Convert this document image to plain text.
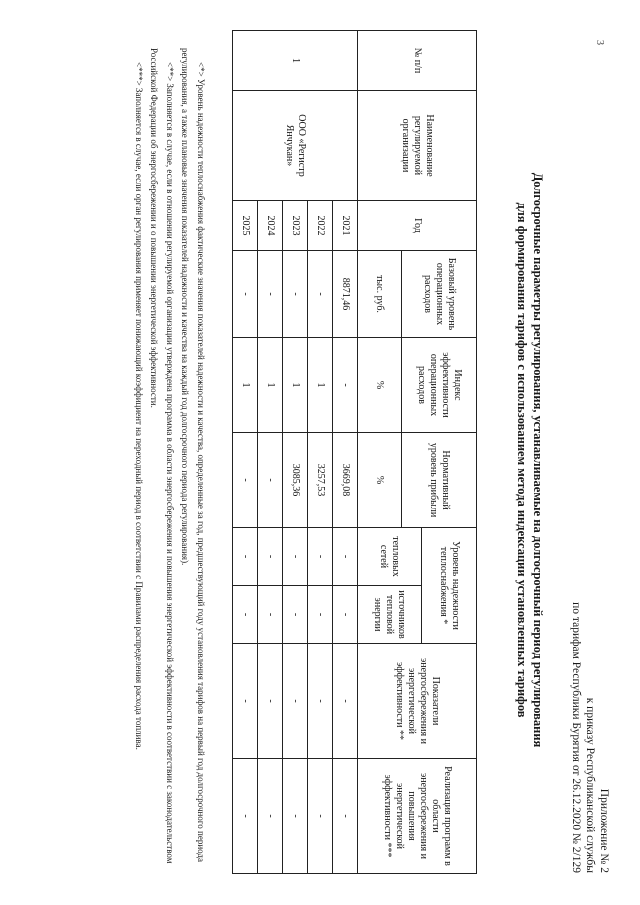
3
Приложение № 2
к приказу Республиканской службы
по тарифам Республики Бурятия от 26.12.2020 № 2/129
Долгосрочные параметры регулирования, устанавливаемые на долгосрочный период регулирования
для формирования тарифов с использованием метода индексации установленных тарифов
№ п/п	Наименование регулируемой организации	Год	Базовый уровень операционных расходов	Индекс эффективности операционных расходов	Нормативный уровень прибыли	Уровень надежности теплоснабжения *		Показатели энергосбережения и энергетической эффективности **	Реализация программ в области энергосбережения и повышения энергетической эффективности ***
						тепловых сетей	источников тепловой энергии		
			тыс. руб.	%	%				
1	ООО «Регистр Янчукан»	2021	8871,46	-	3669,08	-	-	-	-
		2022	-	1	3257,53	-	-	-	-
		2023	-	1	3085,36	-	-	-	-
		2024	-	1	-	-	-	-	-
		2025	-	1	-	-	-	-	-

<*> Уровень надежности теплоснабжения фактические значения показателей надежности и качества, определенные за год, предшествующий году установления тарифов на первый год долгосрочного периода регулирования, а также плановые значения показателей надежности и качества на каждый год долгосрочного периода регулирования).

<**> Заполняется в случае, если в отношении регулируемой организации утверждена программа в области энергосбережения и повышения энергетической эффективности в соответствии с законодательством Российской Федерации об энергосбережении и о повышении энергетической эффективности.

<***> Заполняется в случае, если орган регулирования применяет понижающий коэффициент на переходный период в соответствии с Правилами распределения расхода топлива.
